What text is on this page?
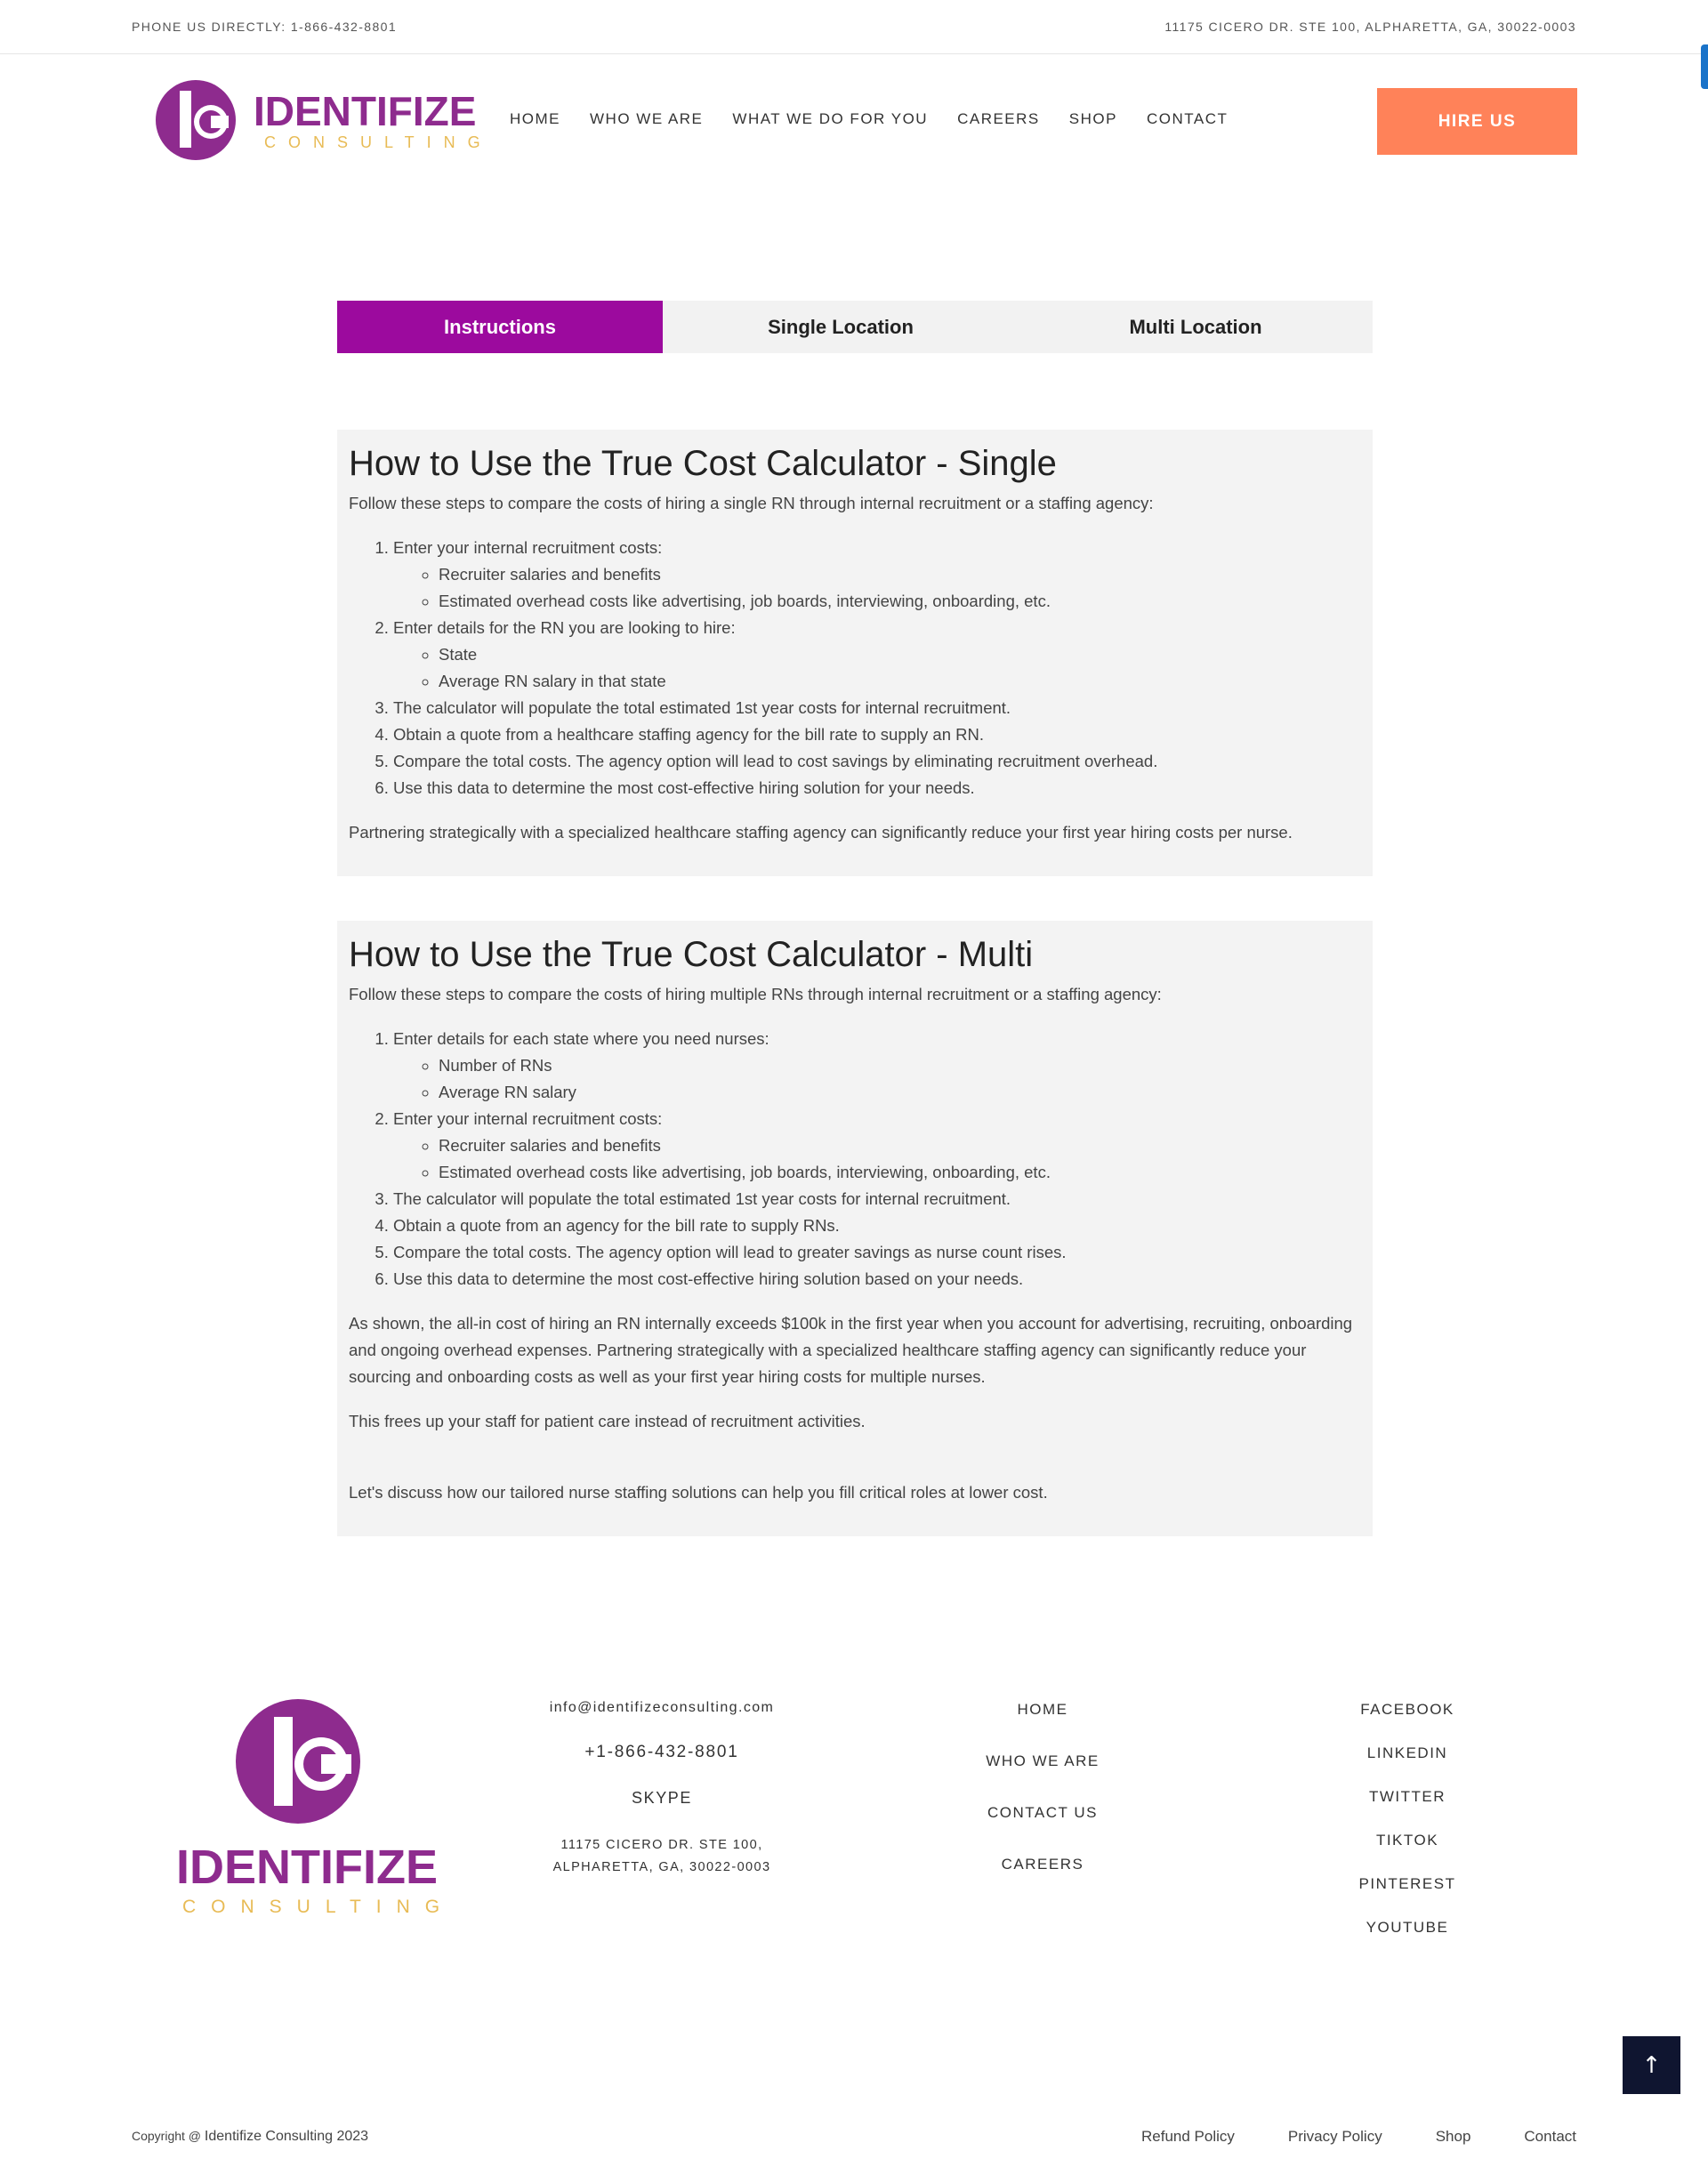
PHONE US DIRECTLY: 1-866-432-8801	11175 CICERO DR. STE 100, ALPHARETTA, GA, 30022-0003
IDENTIFIZE
CONSULTING
HOME WHO WE ARE WHAT WE DO FOR YOU CAREERS SHOP CONTACT	HIRE US
Instructions	Single Location	Multi Location
How to Use the True Cost Calculator - Single

Follow these steps to compare the costs of hiring a single RN through internal recruitment or a staffing agency:

1. Enter your internal recruitment costs:
◦ Recruiter salaries and benefits
◦ Estimated overhead costs like advertising, job boards, interviewing, onboarding, etc.
2. Enter details for the RN you are looking to hire:
◦ State
◦ Average RN salary in that state
3. The calculator will populate the total estimated 1st year costs for internal recruitment.
4. Obtain a quote from a healthcare staffing agency for the bill rate to supply an RN.
5. Compare the total costs. The agency option will lead to cost savings by eliminating recruitment overhead.
6. Use this data to determine the most cost-effective hiring solution for your needs.

Partnering strategically with a specialized healthcare staffing agency can significantly reduce your first year hiring costs per nurse.

How to Use the True Cost Calculator - Multi

Follow these steps to compare the costs of hiring multiple RNs through internal recruitment or a staffing agency:

1. Enter details for each state where you need nurses:
◦ Number of RNs
◦ Average RN salary
2. Enter your internal recruitment costs:
◦ Recruiter salaries and benefits
◦ Estimated overhead costs like advertising, job boards, interviewing, onboarding, etc.
3. The calculator will populate the total estimated 1st year costs for internal recruitment.
4. Obtain a quote from an agency for the bill rate to supply RNs.
5. Compare the total costs. The agency option will lead to greater savings as nurse count rises.
6. Use this data to determine the most cost-effective hiring solution based on your needs.

As shown, the all-in cost of hiring an RN internally exceeds $100k in the first year when you account for advertising, recruiting, onboarding and ongoing overhead expenses. Partnering strategically with a specialized healthcare staffing agency can significantly reduce your sourcing and onboarding costs as well as your first year hiring costs for multiple nurses.

This frees up your staff for patient care instead of recruitment activities.

Let's discuss how our tailored nurse staffing solutions can help you fill critical roles at lower cost.

IDENTIFIZE
CONSULTING
info@identifizeconsulting.com
+1-866-432-8801
SKYPE
11175 CICERO DR. STE 100,
ALPHARETTA, GA, 30022-0003
HOME
WHO WE ARE
CONTACT US
CAREERS
FACEBOOK
LINKEDIN
TWITTER
TIKTOK
PINTEREST
YOUTUBE
↑
Copyright @ Identifize Consulting 2023	Refund Policy	Privacy Policy	Shop	Contact
